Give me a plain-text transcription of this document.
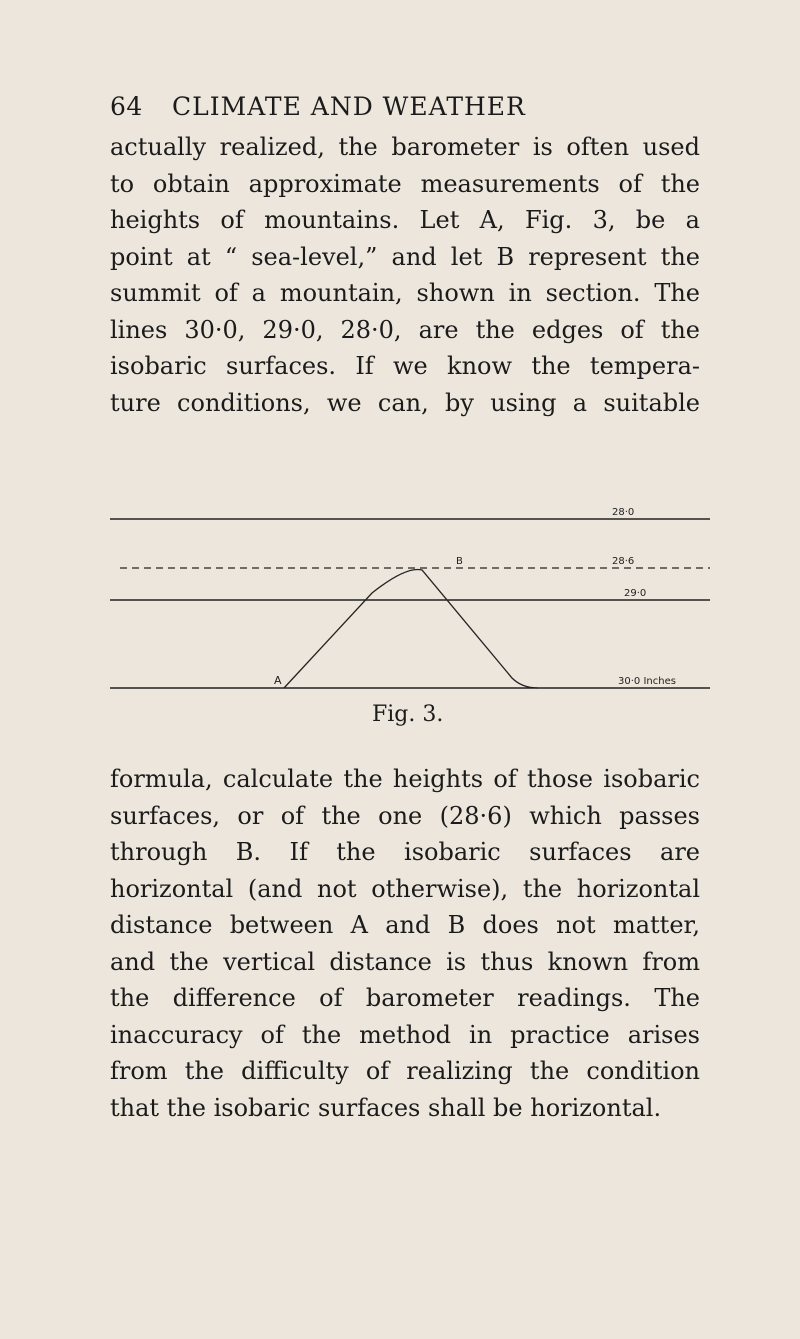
64 CLIMATE AND WEATHER
actually realized, the barometer is often used
to obtain approximate measurements of the
heights of mountains. Let A, Fig. 3, be a
point at “ sea-level,” and let B represent the
summit of a mountain, shown in section. The
lines 30·0, 29·0, 28·0, are the edges of the
isobaric surfaces. If we know the tempera-
ture conditions, we can, by using a suitable
28·0
28·6
B
29·0
30·0 Inches
A
Fig. 3.
formula, calculate the heights of those isobaric
surfaces, or of the one (28·6) which passes
through B. If the isobaric surfaces are
horizontal (and not otherwise), the horizontal
distance between A and B does not matter,
and the vertical distance is thus known from
the difference of barometer readings. The
inaccuracy of the method in practice arises
from the difficulty of realizing the condition
that the isobaric surfaces shall be horizontal.
